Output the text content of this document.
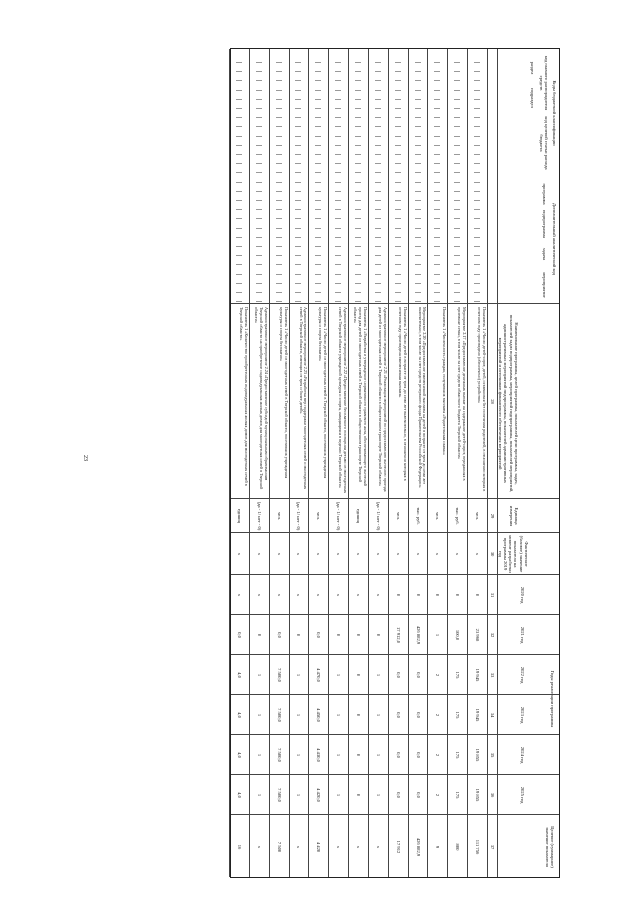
23
Коды бюджетной классификации
Дополнительный аналитический код
код главного распорядителя средств
раздел
подраздел
код целевой статьи расхода бюджета
программа
подпрограмма
задача
мероприятие
Наименование программы, целей программы, показателей цели программы, задач, показателей задач подпрограммы, мероприятий подпрограммы, показателей мероприятий, административных мероприятий подпрограммы, показателей административных мероприятий и источников финансового обеспечения мероприятий
Единица измерения
Фактическое (базовое) значение показателя на момент разработки программы 2019 год
Годы реализации программы
2020 год
2021 год
2022 год
2023 год
2024 год
2025 год
Целевое (суммарное) значение показателя
28
29
30
31
32
33
34
35
36
37
Показатель 1 «Число детей-сирот, детей, оставшихся без попечения родителей, в отношении которых в отчетном году произведено (обеспечено) устройство»
чел.
х
0
23 968
19 945
19 945
19 855
19 855
111 756
Мероприятие 2.17 «Предоставление денежных выплат на содержание детей-сирот, переданных в приемные семьи, в том числе за счет средств областного бюджета Тверской области»
тыс. руб.
х
0
100,0
175
175
175
175
800
Показатель 1 «Численность граждан, получивших выплаты «Родительская слава»»
чел.
х
0
1
2
2
2
2
9
Мероприятие 2.20 «Предоставление ежемесячной выплаты на детей в возрасте от трех до семи лет включительно, в том числе за счет средств резервного фонда Правительства Российской Федерации»
тыс. руб.
х
0
426 882,9
0,0
0,0
0,0
0,0
426 882,9
Показатель 1 «Число детей в возрасте от трех до семи лет включительно, в отношении которых в отчетном году произведена ежемесячная выплата»
чел.
х
0
17 912,0
0,0
0,0
0,0
0,0
17 912
Административное мероприятие 2.21 «Реализация мероприятий по предоставлению льготного проезда для детей из многодетных семей в Тверской области в общественном транспорте Тверской области»
(да - 1/ нет - 0)
х
х
0
1
1
1
1
х
Показатель 1 «Разработка и утверждение нормативного правового акта, обеспечивающего льготный проезд для детей из многодетных семей в Тверской области в общественном транспорте Тверской области»
единиц
х
х
0
0
0
0
0
х
Административное мероприятие 2.22 «Предоставление бесплатного посещения детьми из многодетных семей в Тверской области учреждений культуры и спорта, находящихся в ведении Тверской области»
(да - 1/ нет - 0)
х
х
0
1
1
1
1
х
Показатель 1 «Число детей из многодетных семей в Тверской области, посетивших учреждения культуры и спорта бесплатно»
чел.
х
х
0,0
4 470,0
4 450,0
4 430,0
4 420,0
4 420
Административное мероприятие 2.23 «Разработка мер поддержки многодетных семей и многодетных семей в Тверской области, имеющих от трех и более детей»
(да - 1/ нет - 0)
х
х
0
1
1
1
1
х
Показатель 1 «Число детей из многодетных семей в Тверской области, посетивших учреждения культуры и спорта бесплатно»
чел.
х
х
0,0
7 500,0
7 500,0
7 500,0
7 500,0
7 500
Административное мероприятие 2.24 «Предоставление субсидий муниципальным образованиям Тверской области на приобретение индивидуальных жилых домов для многодетных семей в Тверской области»
(да - 1/ нет - 0)
х
х
0
1
1
1
1
х
Показатель 1 «Количество приобретенных индивидуальных жилых домов для многодетных семей в Тверской области»
единиц
х
х
0,0
4,0
4,0
4,0
4,0
16
